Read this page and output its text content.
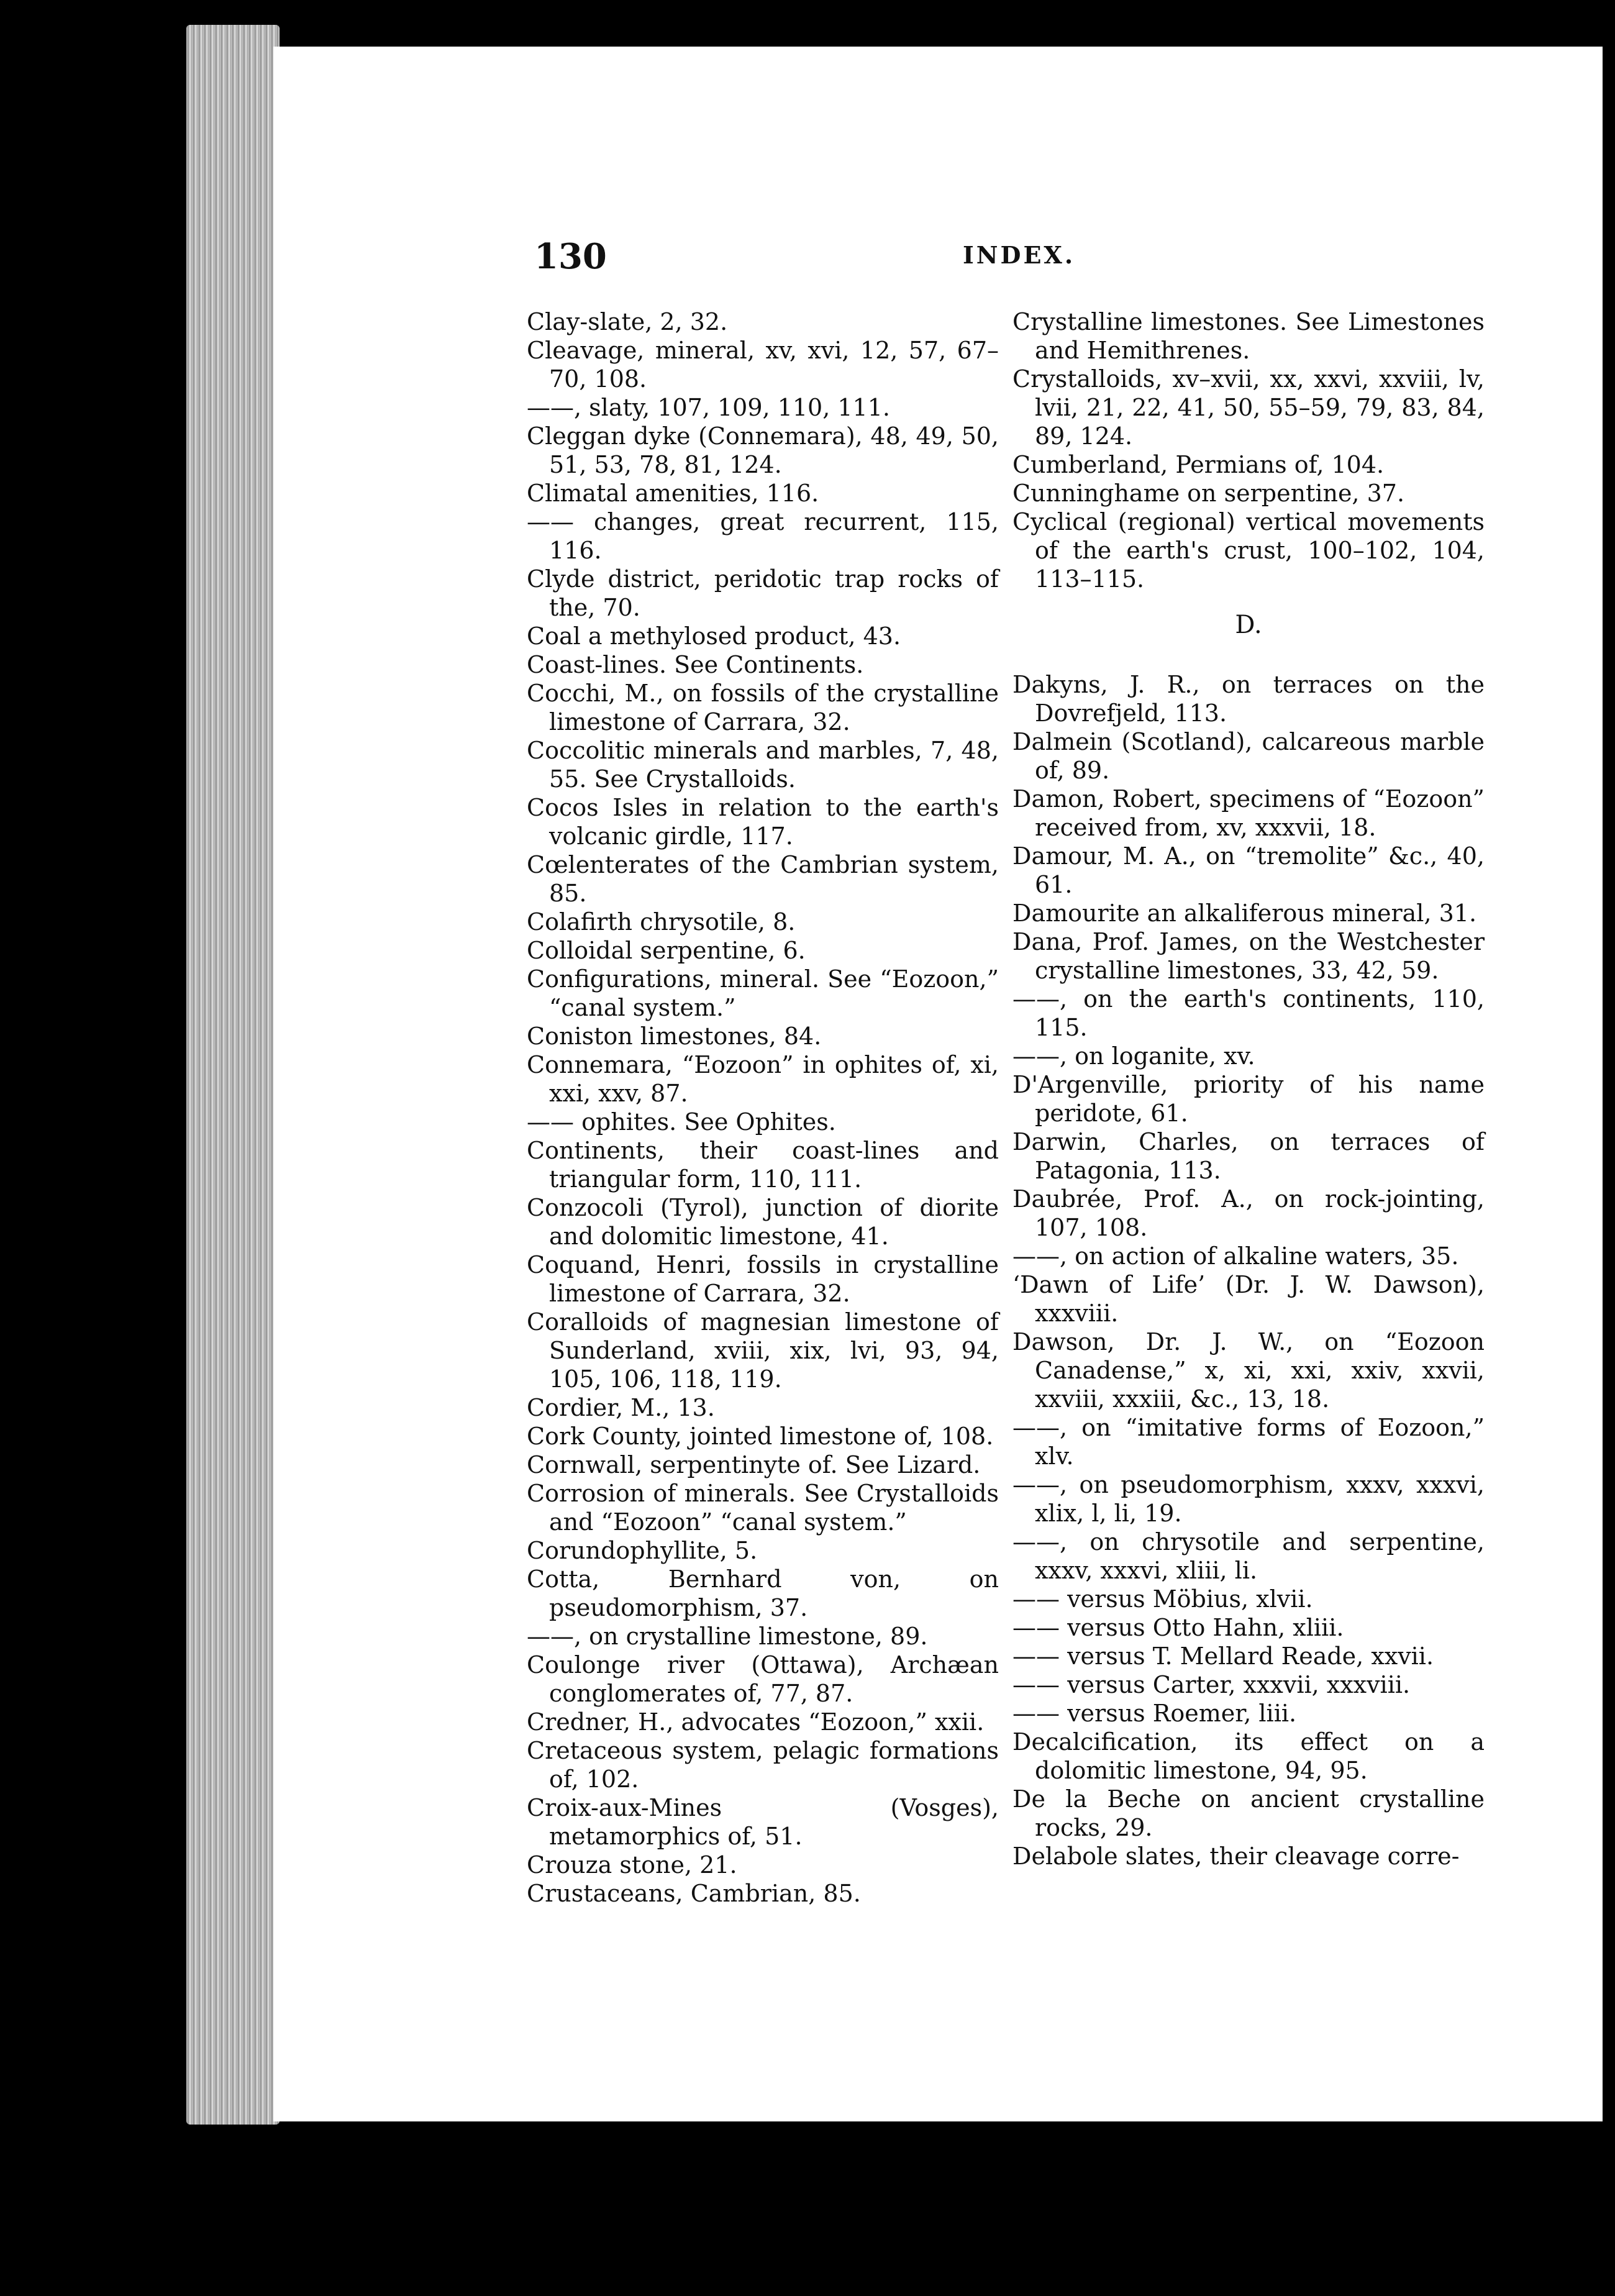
130	INDEX.

Clay-slate, 2, 32.

Cleavage, mineral, xv, xvi, 12, 57, 67–70, 108.

——, slaty, 107, 109, 110, 111.

Cleggan dyke (Connemara), 48, 49, 50, 51, 53, 78, 81, 124.

Climatal amenities, 116.

—— changes, great recurrent, 115, 116.

Clyde district, peridotic trap rocks of the, 70.

Coal a methylosed product, 43.

Coast-lines. See Continents.

Cocchi, M., on fossils of the crystalline limestone of Carrara, 32.

Coccolitic minerals and marbles, 7, 48, 55. See Crystalloids.

Cocos Isles in relation to the earth's volcanic girdle, 117.

Cœlenterates of the Cambrian system, 85.

Colafirth chrysotile, 8.

Colloidal serpentine, 6.

Configurations, mineral. See “Eozoon,” “canal system.”

Coniston limestones, 84.

Connemara, “Eozoon” in ophites of, xi, xxi, xxv, 87.

—— ophites. See Ophites.

Continents, their coast-lines and triangular form, 110, 111.

Conzocoli (Tyrol), junction of diorite and dolomitic limestone, 41.

Coquand, Henri, fossils in crystalline limestone of Carrara, 32.

Coralloids of magnesian limestone of Sunderland, xviii, xix, lvi, 93, 94, 105, 106, 118, 119.

Cordier, M., 13.

Cork County, jointed limestone of, 108.

Cornwall, serpentinyte of. See Lizard.

Corrosion of minerals. See Crystalloids and “Eozoon” “canal system.”

Corundophyllite, 5.

Cotta, Bernhard von, on pseudomorphism, 37.

——, on crystalline limestone, 89.

Coulonge river (Ottawa), Archæan conglomerates of, 77, 87.

Credner, H., advocates “Eozoon,” xxii.

Cretaceous system, pelagic formations of, 102.

Croix-aux-Mines (Vosges), metamorphics of, 51.

Crouza stone, 21.

Crustaceans, Cambrian, 85.

Crystalline limestones. See Limestones and Hemithrenes.

Crystalloids, xv–xvii, xx, xxvi, xxviii, lv, lvii, 21, 22, 41, 50, 55–59, 79, 83, 84, 89, 124.

Cumberland, Permians of, 104.

Cunninghame on serpentine, 37.

Cyclical (regional) vertical movements of the earth's crust, 100–102, 104, 113–115.

D.

Dakyns, J. R., on terraces on the Dovrefjeld, 113.

Dalmein (Scotland), calcareous marble of, 89.

Damon, Robert, specimens of “Eozoon” received from, xv, xxxvii, 18.

Damour, M. A., on “tremolite” &c., 40, 61.

Damourite an alkaliferous mineral, 31.

Dana, Prof. James, on the Westchester crystalline limestones, 33, 42, 59.

——, on the earth's continents, 110, 115.

——, on loganite, xv.

D'Argenville, priority of his name peridote, 61.

Darwin, Charles, on terraces of Patagonia, 113.

Daubrée, Prof. A., on rock-jointing, 107, 108.

——, on action of alkaline waters, 35.

‘Dawn of Life’ (Dr. J. W. Dawson), xxxviii.

Dawson, Dr. J. W., on “Eozoon Canadense,” x, xi, xxi, xxiv, xxvii, xxviii, xxxiii, &c., 13, 18.

——, on “imitative forms of Eozoon,” xlv.

——, on pseudomorphism, xxxv, xxxvi, xlix, l, li, 19.

——, on chrysotile and serpentine, xxxv, xxxvi, xliii, li.

—— versus Möbius, xlvii.

—— versus Otto Hahn, xliii.

—— versus T. Mellard Reade, xxvii.

—— versus Carter, xxxvii, xxxviii.

—— versus Roemer, liii.

Decalcification, its effect on a dolomitic limestone, 94, 95.

De la Beche on ancient crystalline rocks, 29.

Delabole slates, their cleavage corre-
